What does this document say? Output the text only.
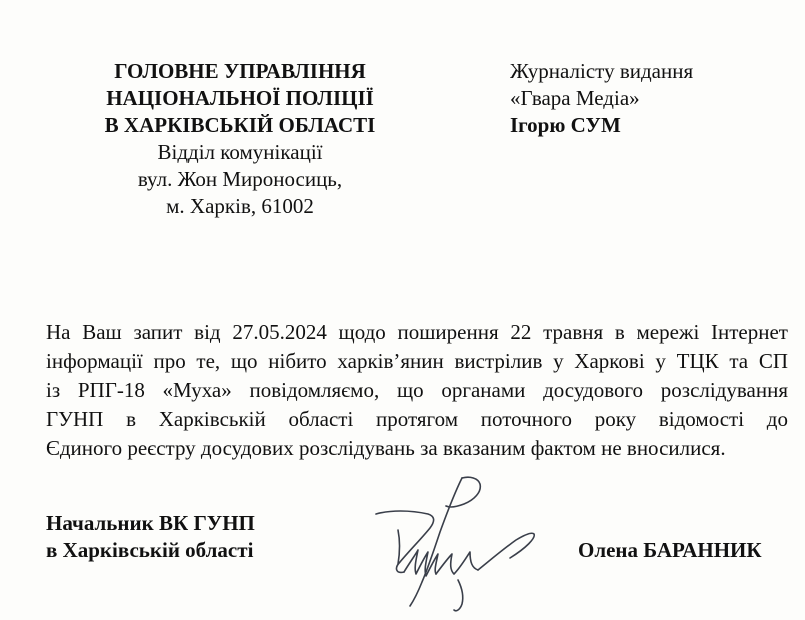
ГОЛОВНЕ УПРАВЛІННЯ
НАЦІОНАЛЬНОЇ ПОЛІЦІЇ
В ХАРКІВСЬКІЙ ОБЛАСТІ
Відділ комунікації
вул. Жон Мироносиць,
м. Харків, 61002
Журналісту видання
«Гвара Медіа»
Ігорю СУМ
На Ваш запит від 27.05.2024 щодо поширення 22 травня в мережі Інтернет
інформації про те, що нібито харків’янин вистрілив у Харкові у ТЦК та СП
із РПГ-18 «Муха» повідомляємо, що органами досудового розслідування
ГУНП в Харківській області протягом поточного року відомості до
Єдиного реєстру досудових розслідувань за вказаним фактом не вносилися.
Начальник ВК ГУНП
в Харківській області	Олена БАРАННИК
